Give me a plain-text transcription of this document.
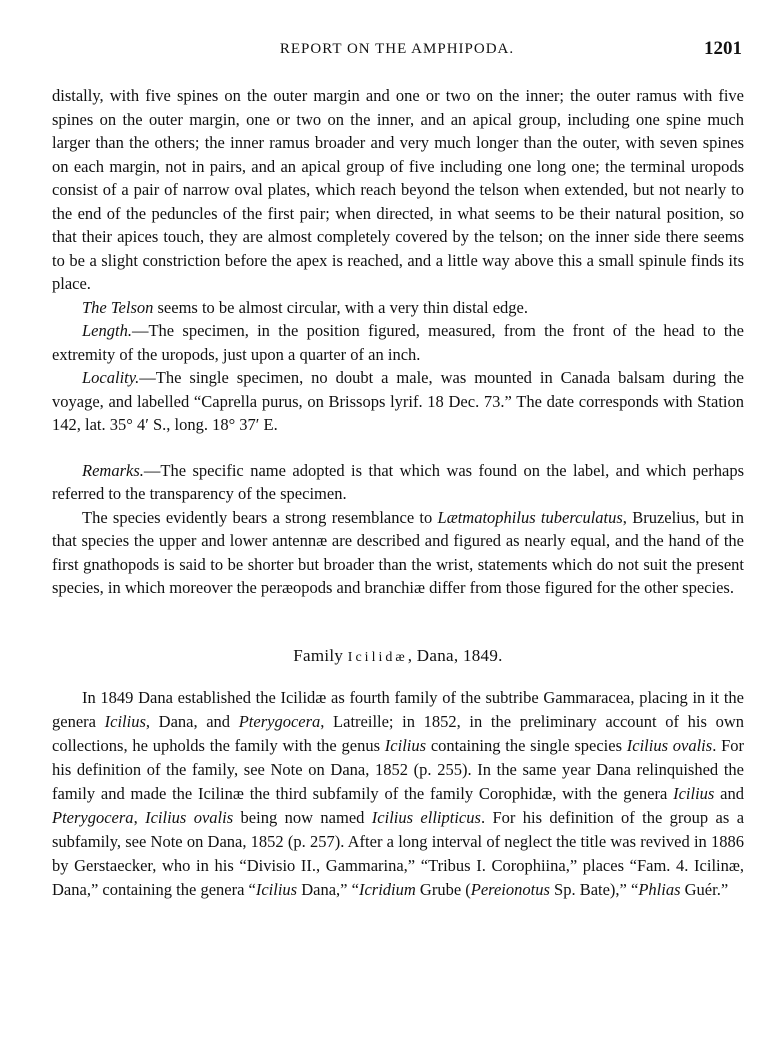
REPORT ON THE AMPHIPODA.	1201

distally, with five spines on the outer margin and one or two on the inner; the outer ramus with five spines on the outer margin, one or two on the inner, and an apical group, including one spine much larger than the others; the inner ramus broader and very much longer than the outer, with seven spines on each margin, not in pairs, and an apical group of five including one long one; the terminal uropods consist of a pair of narrow oval plates, which reach beyond the telson when extended, but not nearly to the end of the peduncles of the first pair; when directed, in what seems to be their natural position, so that their apices touch, they are almost completely covered by the telson; on the inner side there seems to be a slight constriction before the apex is reached, and a little way above this a small spinule finds its place.

The Telson seems to be almost circular, with a very thin distal edge.

Length.—The specimen, in the position figured, measured, from the front of the head to the extremity of the uropods, just upon a quarter of an inch.

Locality.—The single specimen, no doubt a male, was mounted in Canada balsam during the voyage, and labelled “Caprella purus, on Brissops lyrif. 18 Dec. 73.” The date corresponds with Station 142, lat. 35° 4′ S., long. 18° 37′ E.

Remarks.—The specific name adopted is that which was found on the label, and which perhaps referred to the transparency of the specimen.

The species evidently bears a strong resemblance to Lætmatophilus tuberculatus, Bruzelius, but in that species the upper and lower antennæ are described and figured as nearly equal, and the hand of the first gnathopods is said to be shorter but broader than the wrist, statements which do not suit the present species, in which moreover the peræopods and branchiæ differ from those figured for the other species.

Family Icilidæ, Dana, 1849.

In 1849 Dana established the Icilidæ as fourth family of the subtribe Gammaracea, placing in it the genera Icilius, Dana, and Pterygocera, Latreille; in 1852, in the preliminary account of his own collections, he upholds the family with the genus Icilius containing the single species Icilius ovalis. For his definition of the family, see Note on Dana, 1852 (p. 255). In the same year Dana relinquished the family and made the Icilinæ the third subfamily of the family Corophidæ, with the genera Icilius and Pterygocera, Icilius ovalis being now named Icilius ellipticus. For his definition of the group as a subfamily, see Note on Dana, 1852 (p. 257). After a long interval of neglect the title was revived in 1886 by Gerstaecker, who in his “Divisio II., Gammarina,” “Tribus I. Corophiina,” places “Fam. 4. Icilinæ, Dana,” containing the genera “Icilius Dana,” “Icridium Grube (Pereionotus Sp. Bate),” “Phlias Guér.”
